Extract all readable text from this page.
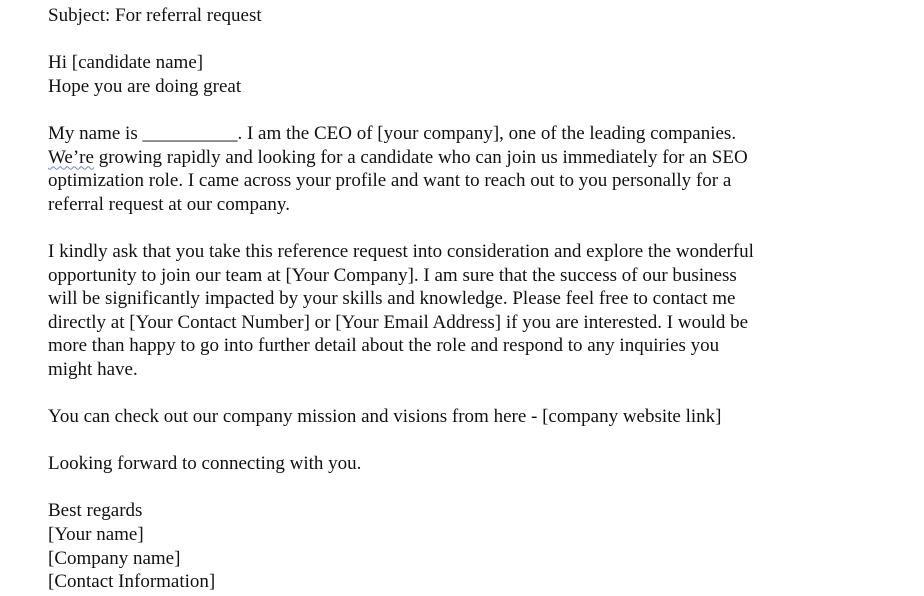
Subject: For referral request
Hi [candidate name]
Hope you are doing great
My name is __________. I am the CEO of [your company], one of the leading companies.
We’re growing rapidly and looking for a candidate who can join us immediately for an SEO
optimization role. I came across your profile and want to reach out to you personally for a
referral request at our company.
I kindly ask that you take this reference request into consideration and explore the wonderful
opportunity to join our team at [Your Company]. I am sure that the success of our business
will be significantly impacted by your skills and knowledge. Please feel free to contact me
directly at [Your Contact Number] or [Your Email Address] if you are interested. I would be
more than happy to go into further detail about the role and respond to any inquiries you
might have.
You can check out our company mission and visions from here - [company website link]
Looking forward to connecting with you.
Best regards
[Your name]
[Company name]
[Contact Information]
